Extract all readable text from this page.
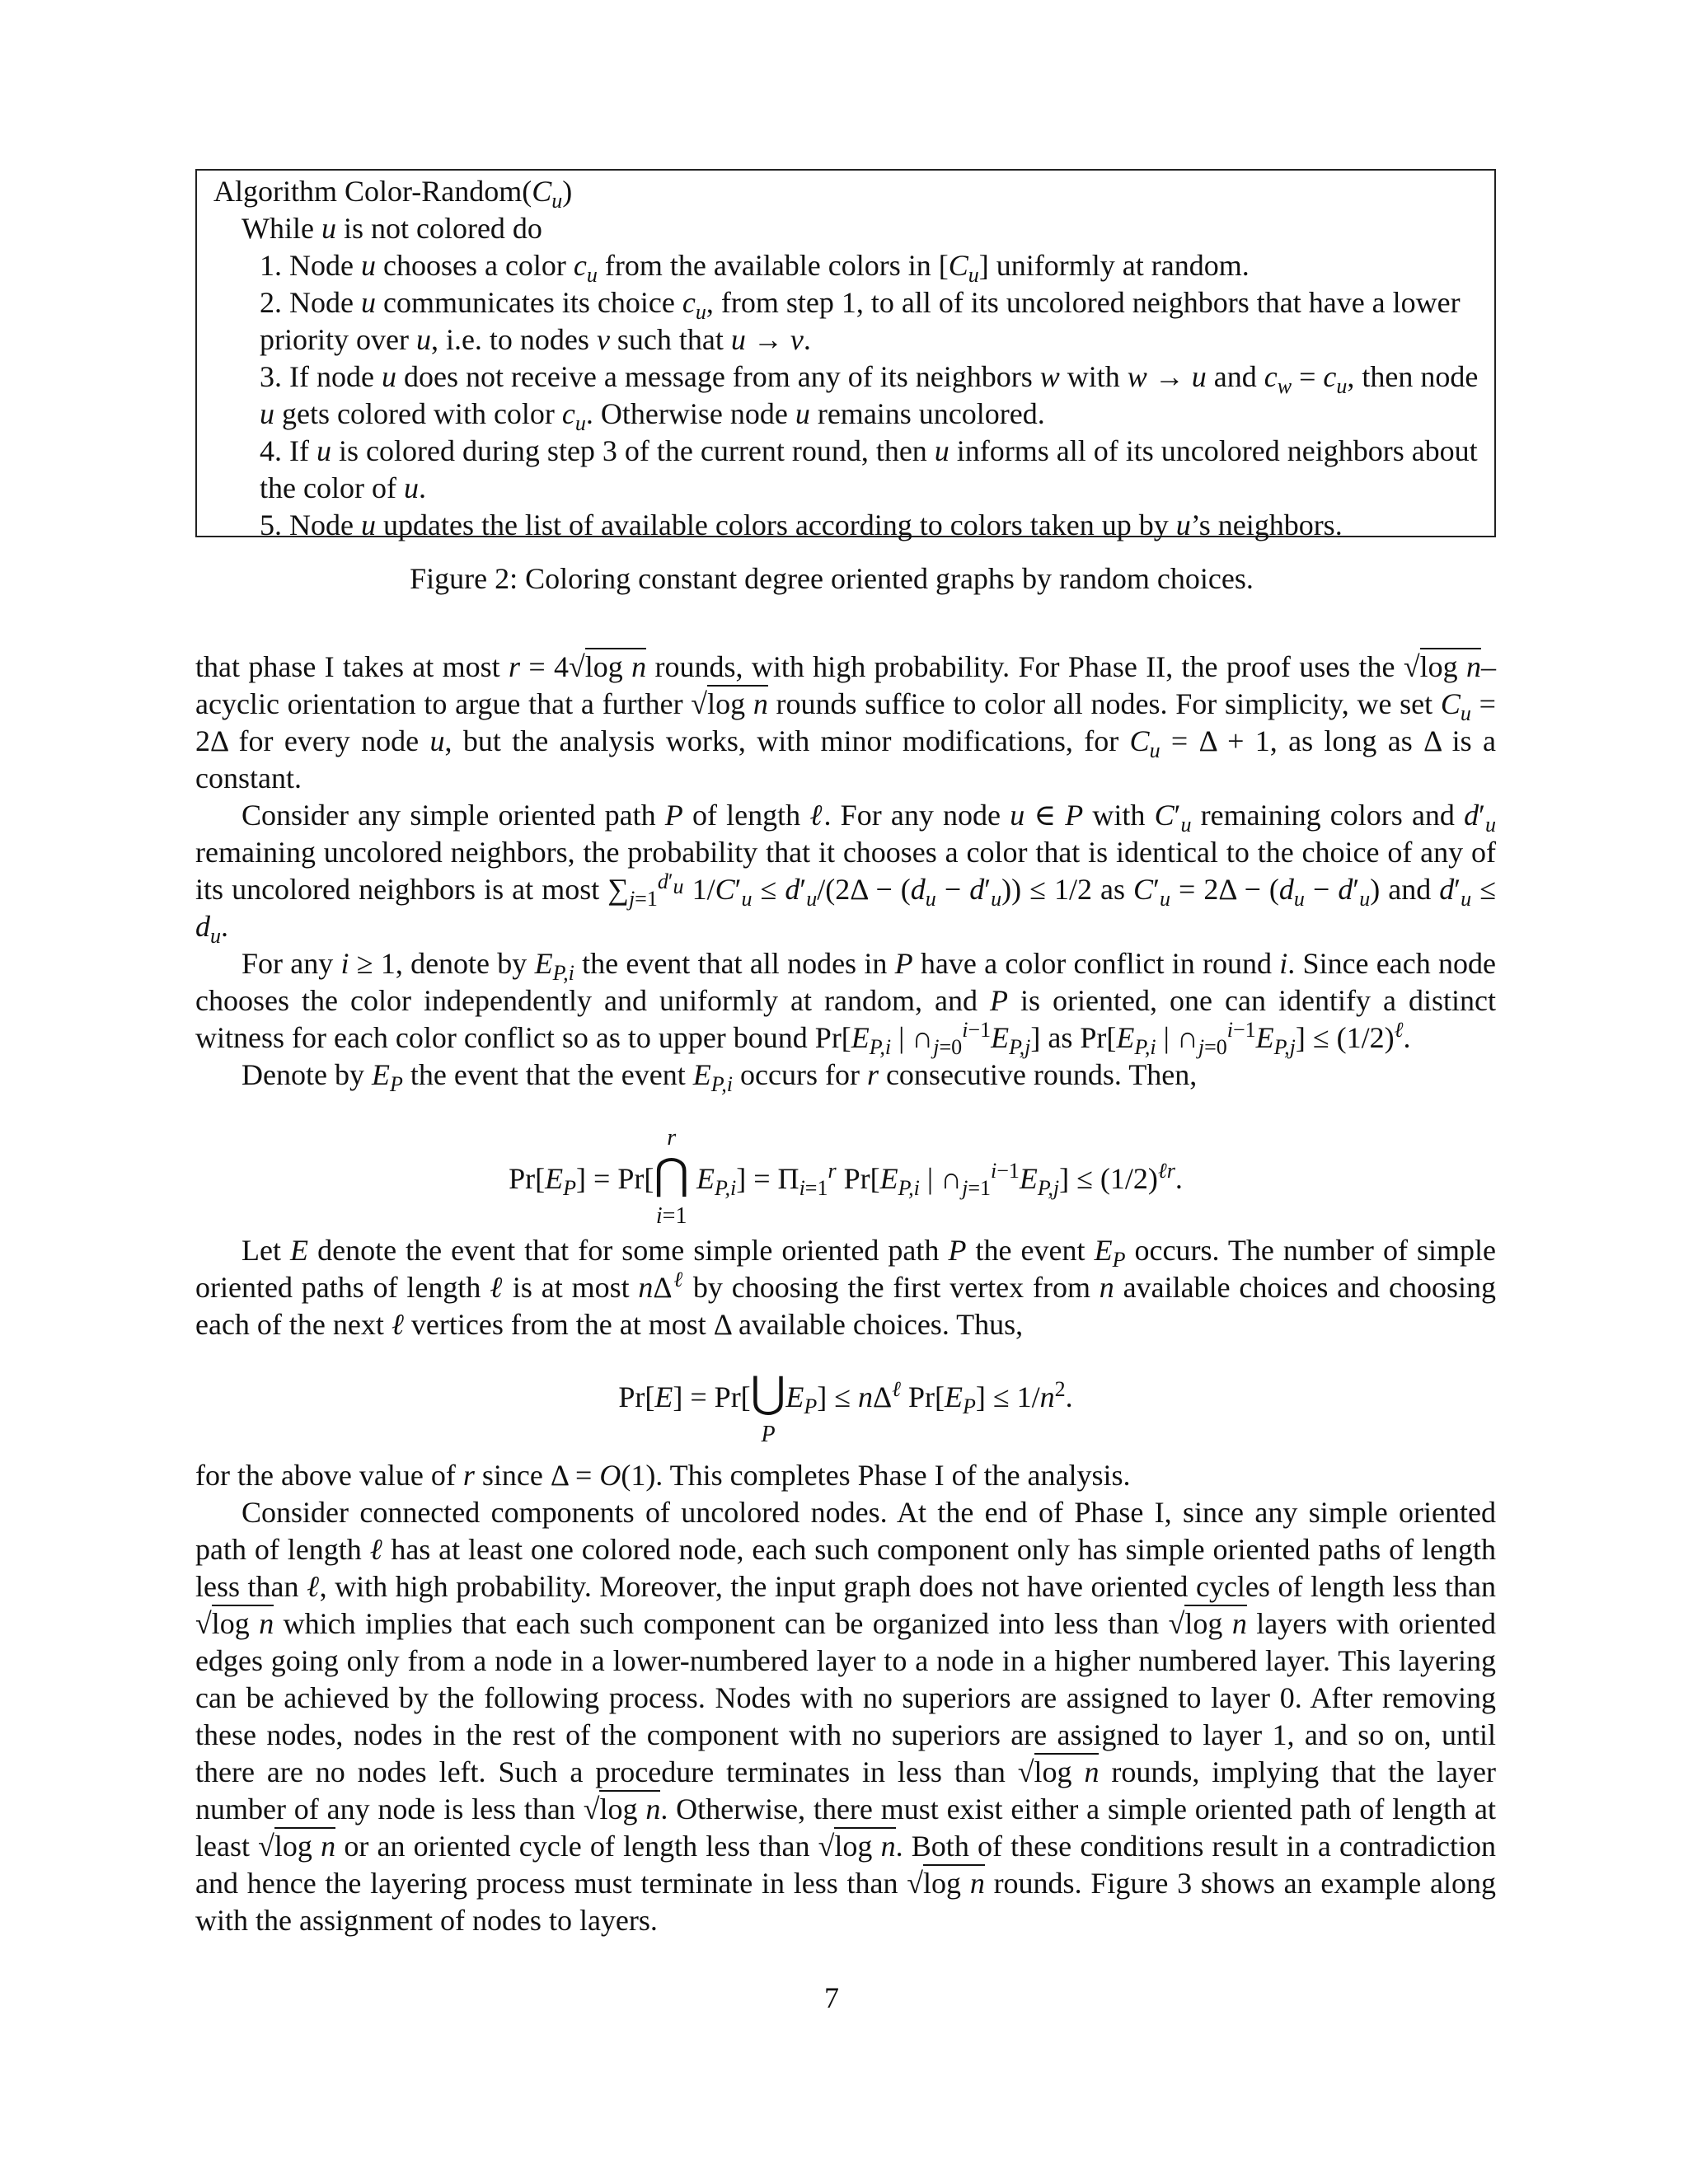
Algorithm Color-$Random(C_u)$
While u is not colored do
1. Node u chooses a color $c_u$ from the available colors in $[C_u]$ uniformly at random.
2. Node u communicates its choice $c_u$, from step 1, to all of its uncolored neighbors that have a lower priority over u, i.e. to nodes v such that u → v.
3. If node u does not receive a message from any of its neighbors w with w → u and $c_w = c_u$, then node u gets colored with color $c_u$. Otherwise node u remains uncolored.
4. If u is colored during step 3 of the current round, then u informs all of its uncolored neighbors about the color of u.
5. Node u updates the list of available colors according to colors taken up by u’s neighbors.
Figure 2: Coloring constant degree oriented graphs by random choices.

that phase I takes at most r = 4√log n rounds, with high probability. For Phase II, the proof uses the √log n–acyclic orientation to argue that a further √log n rounds suffice to color all nodes. For simplicity, we set $C_u = 2\Delta$ for every node u, but the analysis works, with minor modifications, for $C_u = \Delta + 1$, as long as Δ is a constant.

Consider any simple oriented path P of length ℓ. For any node u ∈ P with $C'_u$ remaining colors and $d'_u$ remaining uncolored neighbors, the probability that it chooses a color that is identical to the choice of any of its uncolored neighbors is at most $\sum_{j=1}^{d'_u}$ $1/C'_u \le d'_u/(2\Delta - (d_u - d'_u)) \le 1/2$ as $C'_u = 2\Delta - (d_u - d'_u)$ and $d'_u \le d_u$.

For any i ≥ 1, denote by $E_{P,i}$ the event that all nodes in P have a color conflict in round i. Since each node chooses the color independently and uniformly at random, and P is oriented, one can identify a distinct witness for each color conflict so as to upper bound $Pr[E_{P,i}$ | $\cap_{j=0}^{i-1}E_{P,j}$] as $Pr[E_{P,i}$ | $\cap_{j=0}^{i-1}E_{P,j}] \le (1/2)^\ell$.

Denote by $E_P$ the event that the event $E_{P,i}$ occurs for r consecutive rounds. Then,

$Pr[E_P] = Pr$[
r
⋂
i=1
$E_{P,i}] = \Pi_{i=1}^r$ $Pr[E_{P,i}$ | $\cap_{j=1}^{i-1}E_{P,j}] \le (1/2)^{\ell r}$.

Let E denote the event that for some simple oriented path P the event $E_P$ occurs. The number of simple oriented paths of length ℓ is at most $n\Delta^\ell$ by choosing the first vertex from n available choices and choosing each of the next ℓ vertices from the at most Δ available choices. Thus,

Pr[E] = Pr[⋃
P
$E_P] \le n\Delta^\ell$ $Pr[E_P] \le 1/n^2$.

for the above value of r since Δ = O(1). This completes Phase I of the analysis.

Consider connected components of uncolored nodes. At the end of Phase I, since any simple oriented path of length ℓ has at least one colored node, each such component only has simple oriented paths of length less than ℓ, with high probability. Moreover, the input graph does not have oriented cycles of length less than √log n which implies that each such component can be organized into less than √log n layers with oriented edges going only from a node in a lower-numbered layer to a node in a higher numbered layer. This layering can be achieved by the following process. Nodes with no superiors are assigned to layer 0. After removing these nodes, nodes in the rest of the component with no superiors are assigned to layer 1, and so on, until there are no nodes left. Such a procedure terminates in less than √log n rounds, implying that the layer number of any node is less than √log n. Otherwise, there must exist either a simple oriented path of length at least √log n or an oriented cycle of length less than √log n. Both of these conditions result in a contradiction and hence the layering process must terminate in less than √log n rounds. Figure 3 shows an example along with the assignment of nodes to layers.

7
